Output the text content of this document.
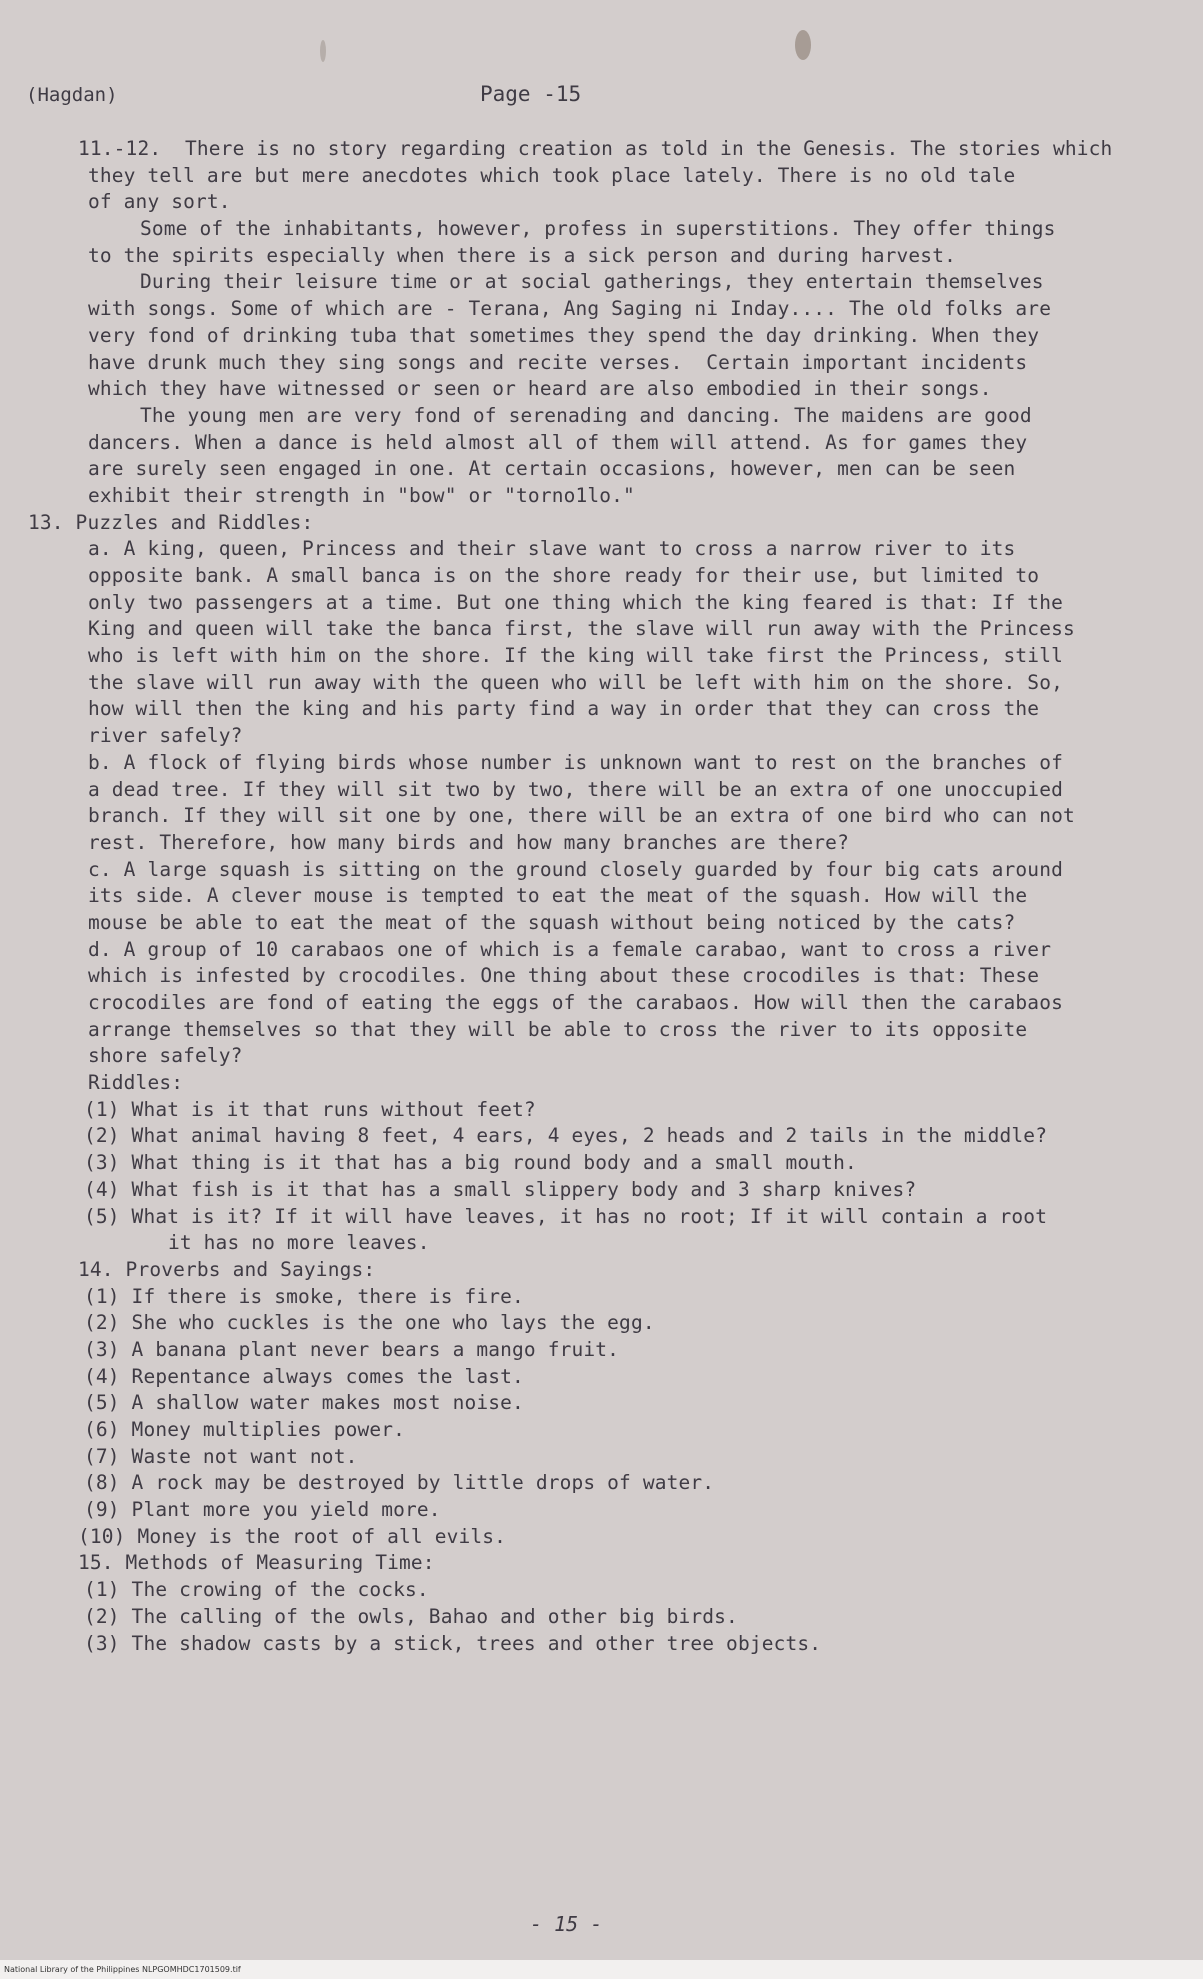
(Hagdan)	Page -15
11.-12.  There is no story regarding creation as told in the Genesis. The stories which
they tell are but mere anecdotes which took place lately. There is no old tale
of any sort.
Some of the inhabitants, however, profess in superstitions. They offer things
to the spirits especially when there is a sick person and during harvest.
During their leisure time or at social gatherings, they entertain themselves
with songs. Some of which are - Terana, Ang Saging ni Inday.... The old folks are
very fond of drinking tuba that sometimes they spend the day drinking. When they
have drunk much they sing songs and recite verses.  Certain important incidents
which they have witnessed or seen or heard are also embodied in their songs.
The young men are very fond of serenading and dancing. The maidens are good
dancers. When a dance is held almost all of them will attend. As for games they
are surely seen engaged in one. At certain occasions, however, men can be seen
exhibit their strength in "bow" or "torno1lo."
13. Puzzles and Riddles:
a. A king, queen, Princess and their slave want to cross a narrow river to its
opposite bank. A small banca is on the shore ready for their use, but limited to
only two passengers at a time. But one thing which the king feared is that: If the
King and queen will take the banca first, the slave will run away with the Princess
who is left with him on the shore. If the king will take first the Princess, still
the slave will run away with the queen who will be left with him on the shore. So,
how will then the king and his party find a way in order that they can cross the
river safely?
b. A flock of flying birds whose number is unknown want to rest on the branches of
a dead tree. If they will sit two by two, there will be an extra of one unoccupied
branch. If they will sit one by one, there will be an extra of one bird who can not
rest. Therefore, how many birds and how many branches are there?
c. A large squash is sitting on the ground closely guarded by four big cats around
its side. A clever mouse is tempted to eat the meat of the squash. How will the
mouse be able to eat the meat of the squash without being noticed by the cats?
d. A group of 10 carabaos one of which is a female carabao, want to cross a river
which is infested by crocodiles. One thing about these crocodiles is that: These
crocodiles are fond of eating the eggs of the carabaos. How will then the carabaos
arrange themselves so that they will be able to cross the river to its opposite
shore safely?
Riddles:
(1) What is it that runs without feet?
(2) What animal having 8 feet, 4 ears, 4 eyes, 2 heads and 2 tails in the middle?
(3) What thing is it that has a big round body and a small mouth.
(4) What fish is it that has a small slippery body and 3 sharp knives?
(5) What is it? If it will have leaves, it has no root; If it will contain a root
it has no more leaves.
14. Proverbs and Sayings:
(1) If there is smoke, there is fire.
(2) She who cuckles is the one who lays the egg.
(3) A banana plant never bears a mango fruit.
(4) Repentance always comes the last.
(5) A shallow water makes most noise.
(6) Money multiplies power.
(7) Waste not want not.
(8) A rock may be destroyed by little drops of water.
(9) Plant more you yield more.
(10) Money is the root of all evils.
15. Methods of Measuring Time:
(1) The crowing of the cocks.
(2) The calling of the owls, Bahao and other big birds.
(3) The shadow casts by a stick, trees and other tree objects.
- 15 -
National Library of the Philippines NLPGOMHDC1701509.tif
